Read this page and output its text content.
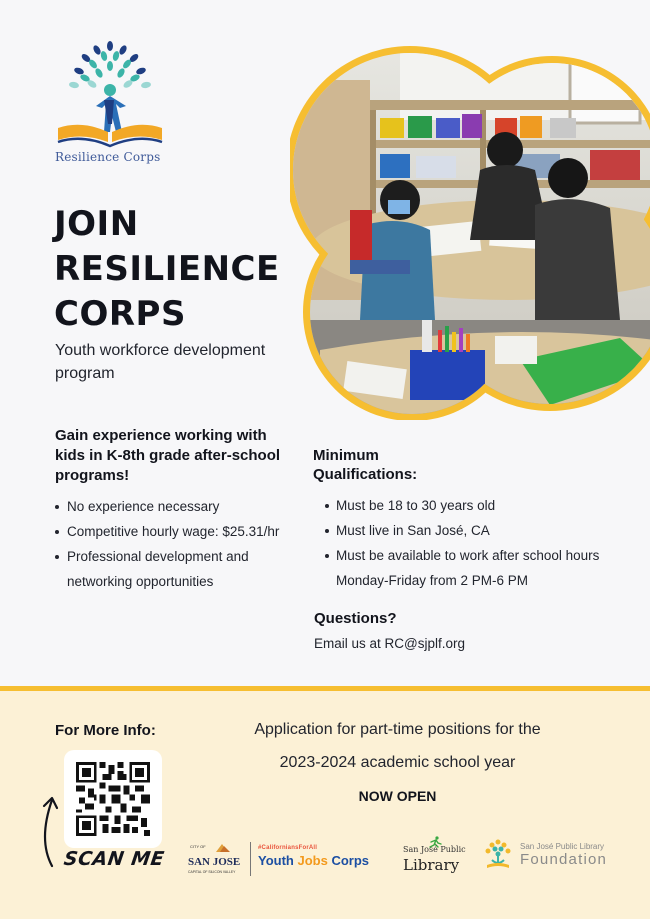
Resilience Corps
JOIN
RESILIENCE
CORPS
Youth workforce development program
Gain experience working with kids in K-8th grade after-school programs!
No experience necessary
Competitive hourly wage: $25.31/hr
Professional development and networking opportunities
Minimum
Qualifications:
Must be 18 to 30 years old
Must live in San José, CA
Must be available to work after school hours Monday-Friday from 2 PM-6 PM
Questions?
Email us at RC@sjplf.org
For More Info:
SCAN ME
Application for part-time positions for the
2023-2024 academic school year
NOW OPEN
CITY OF
SAN JOSE
CAPITAL OF SILICON VALLEY
#CaliforniansForAll
Youth Jobs Corps
San José Public
Library
San José Public Library
Foundation
